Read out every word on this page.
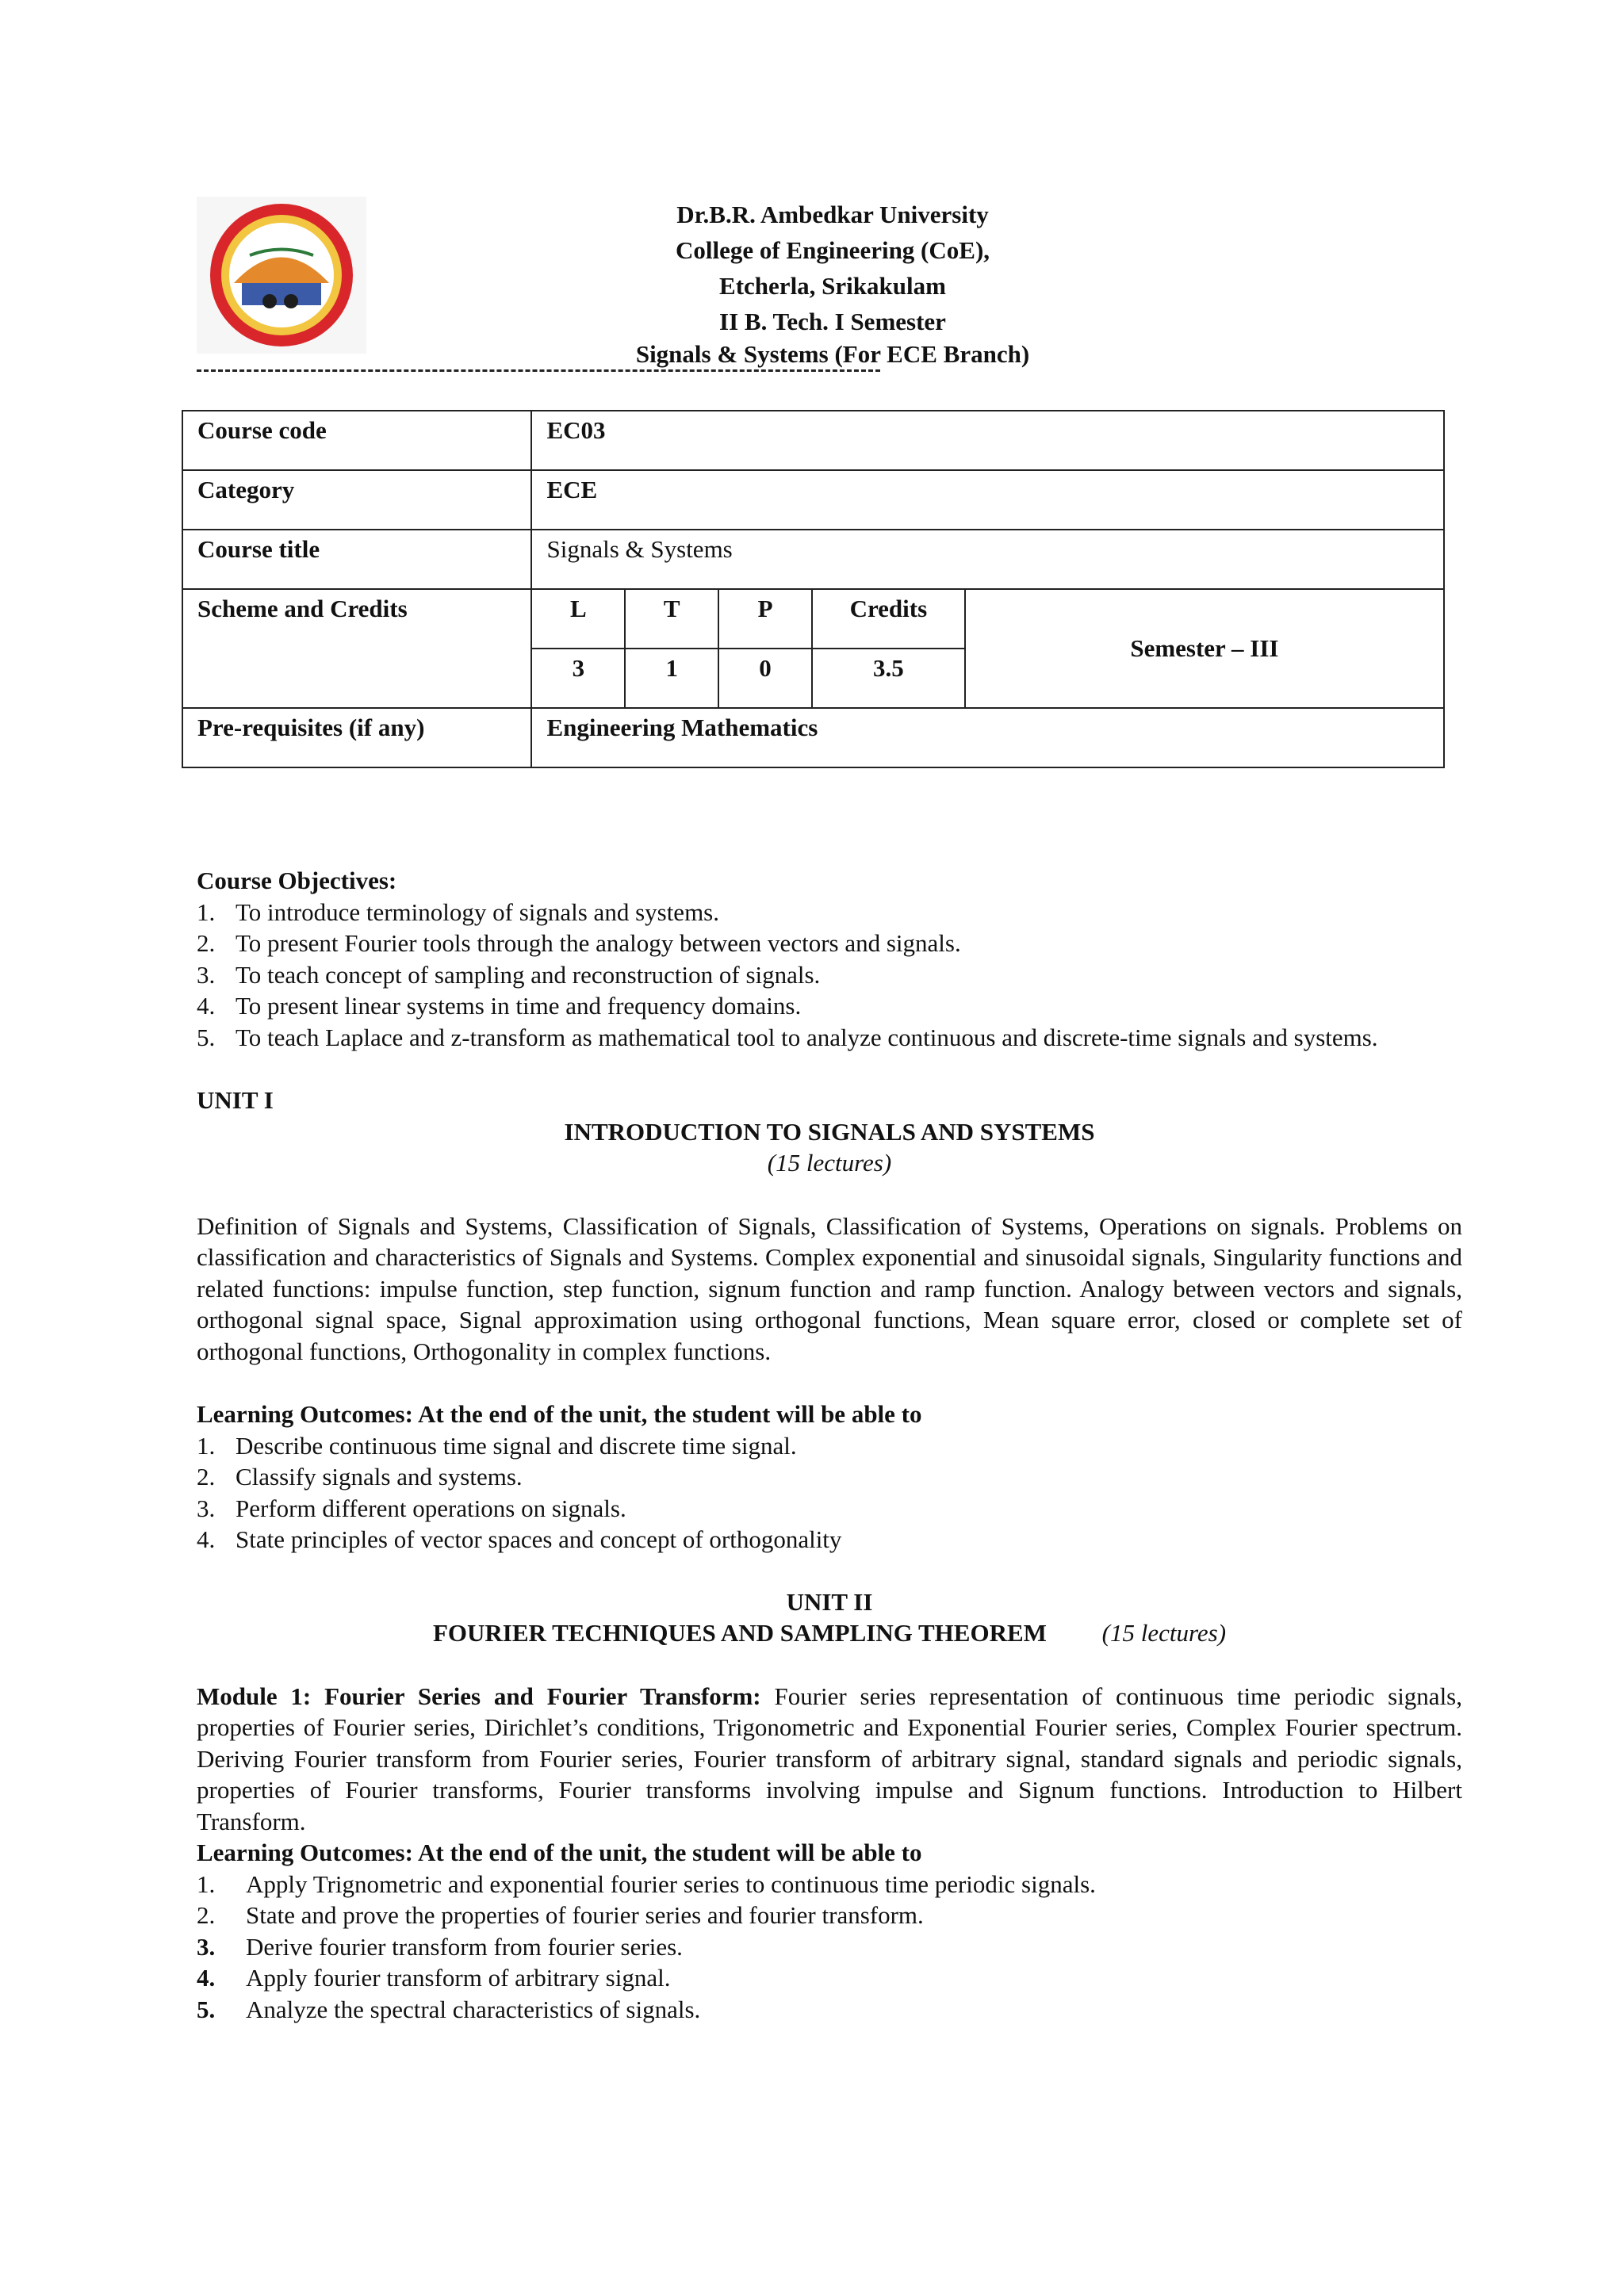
Dr.B.R. Ambedkar University
College of Engineering (CoE),
Etcherla, Srikakulam
II B. Tech. I Semester
Signals & Systems (For ECE Branch)
Course code	EC03				
Category	ECE				
Course title	Signals & Systems				
Scheme and Credits	L	T	P	Credits	Semester – III
	3	1	0	3.5	
Pre-requisites (if any)	Engineering Mathematics				
Course Objectives:
1. To introduce terminology of signals and systems.
2. To present Fourier tools through the analogy between vectors and signals.
3. To teach concept of sampling and reconstruction of signals.
4. To present linear systems in time and frequency domains.
5. To teach Laplace and z-transform as mathematical tool to analyze continuous and discrete-time signals and systems.
UNIT I
INTRODUCTION TO SIGNALS AND SYSTEMS
(15 lectures)
Definition of Signals and Systems, Classification of Signals, Classification of Systems, Operations on signals. Problems on classification and characteristics of Signals and Systems. Complex exponential and sinusoidal signals, Singularity functions and related functions: impulse function, step function, signum function and ramp function. Analogy between vectors and signals, orthogonal signal space, Signal approximation using orthogonal functions, Mean square error, closed or complete set of orthogonal functions, Orthogonality in complex functions.
Learning Outcomes: At the end of the unit, the student will be able to
1. Describe continuous time signal and discrete time signal.
2. Classify signals and systems.
3. Perform different operations on signals.
4. State principles of vector spaces and concept of orthogonality
UNIT II
FOURIER TECHNIQUES AND SAMPLING THEOREM (15 lectures)
Module 1: Fourier Series and Fourier Transform: Fourier series representation of continuous time periodic signals, properties of Fourier series, Dirichlet’s conditions, Trigonometric and Exponential Fourier series, Complex Fourier spectrum. Deriving Fourier transform from Fourier series, Fourier transform of arbitrary signal, standard signals and periodic signals, properties of Fourier transforms, Fourier transforms involving impulse and Signum functions. Introduction to Hilbert Transform.
Learning Outcomes: At the end of the unit, the student will be able to
1.	Apply Trignometric and exponential fourier series to continuous time periodic signals.
2.	State and prove the properties of fourier series and fourier transform.
3.	Derive fourier transform from fourier series.
4.	Apply fourier transform of arbitrary signal.
5.	Analyze the spectral characteristics of signals.
